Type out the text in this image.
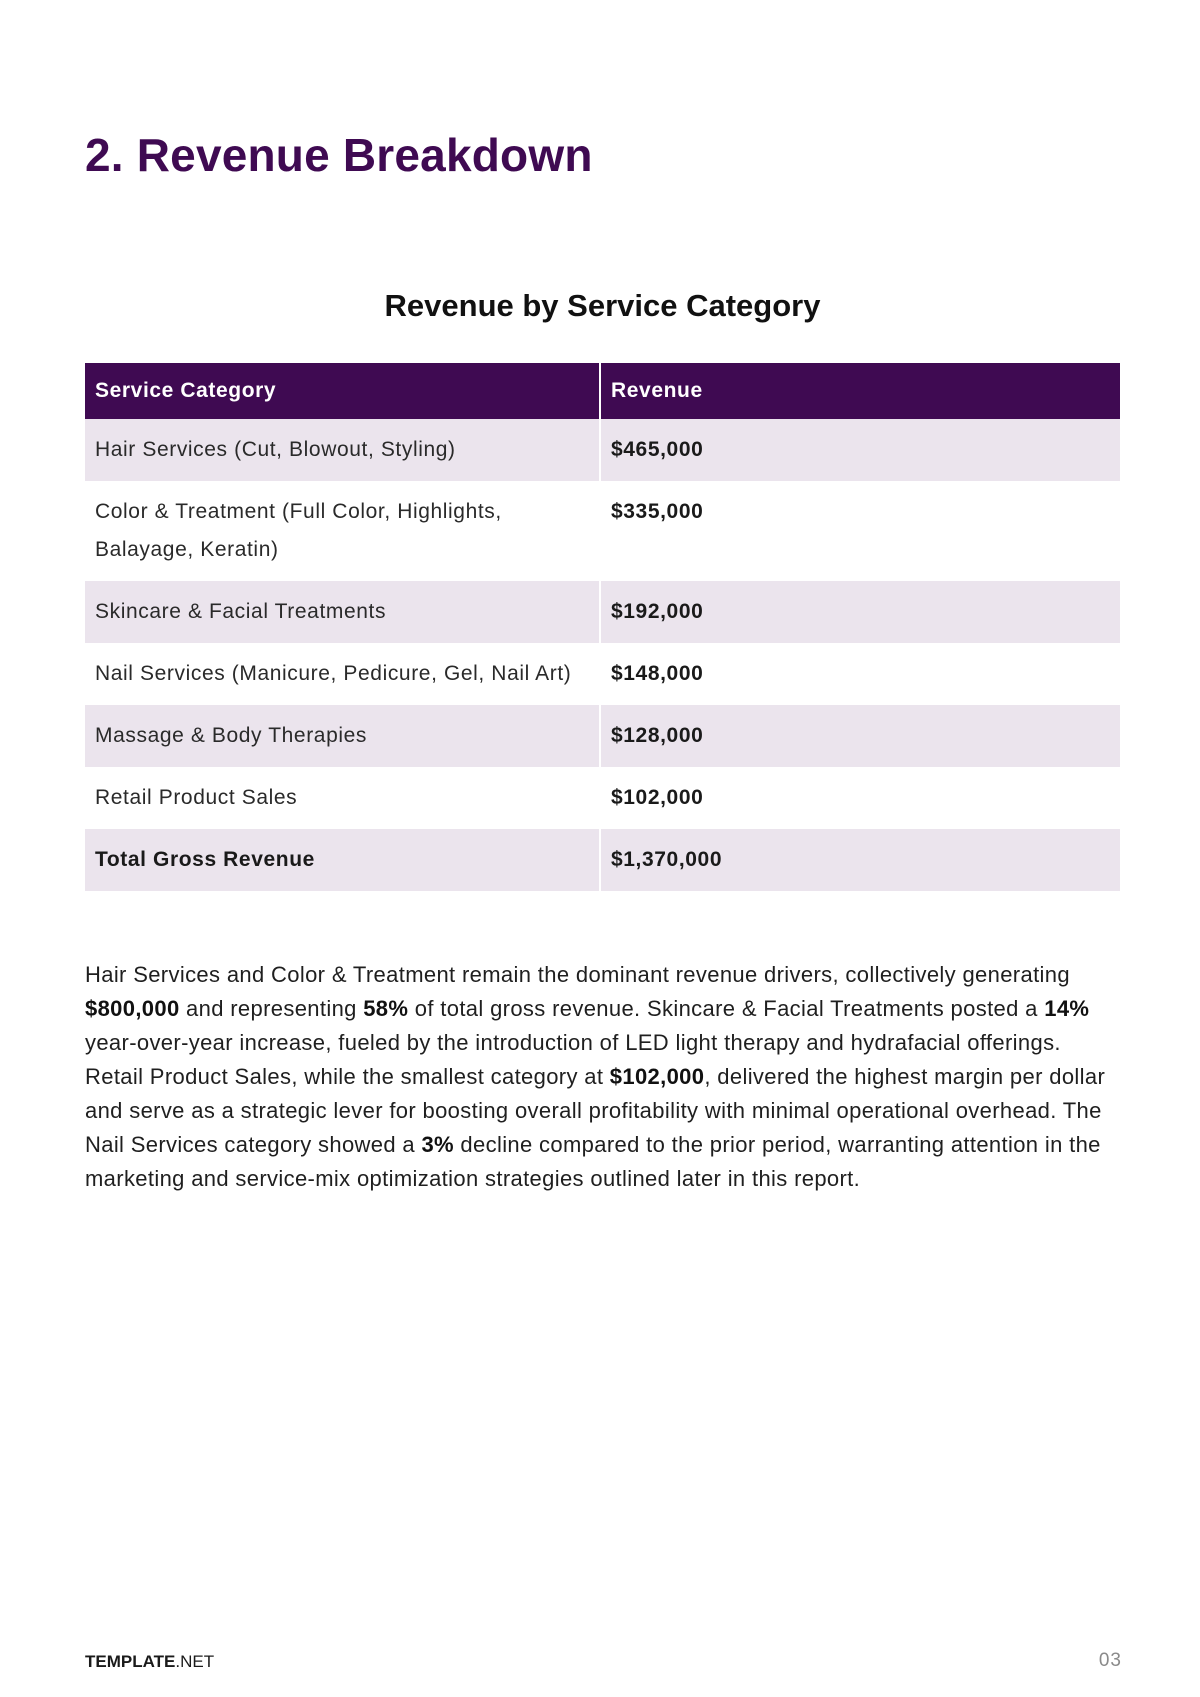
2. Revenue Breakdown
Revenue by Service Category
Service Category	Revenue
Hair Services (Cut, Blowout, Styling)	$465,000
Color & Treatment (Full Color, Highlights, Balayage, Keratin)	$335,000
Skincare & Facial Treatments	$192,000
Nail Services (Manicure, Pedicure, Gel, Nail Art)	$148,000
Massage & Body Therapies	$128,000
Retail Product Sales	$102,000
Total Gross Revenue	$1,370,000

Hair Services and Color & Treatment remain the dominant revenue drivers, collectively generating $800,000 and representing 58% of total gross revenue. Skincare & Facial Treatments posted a 14% year-over-year increase, fueled by the introduction of LED light therapy and hydrafacial offerings. Retail Product Sales, while the smallest category at $102,000, delivered the highest margin per dollar and serve as a strategic lever for boosting overall profitability with minimal operational overhead. The Nail Services category showed a 3% decline compared to the prior period, warranting attention in the marketing and service-mix optimization strategies outlined later in this report.

TEMPLATE.NET	03
